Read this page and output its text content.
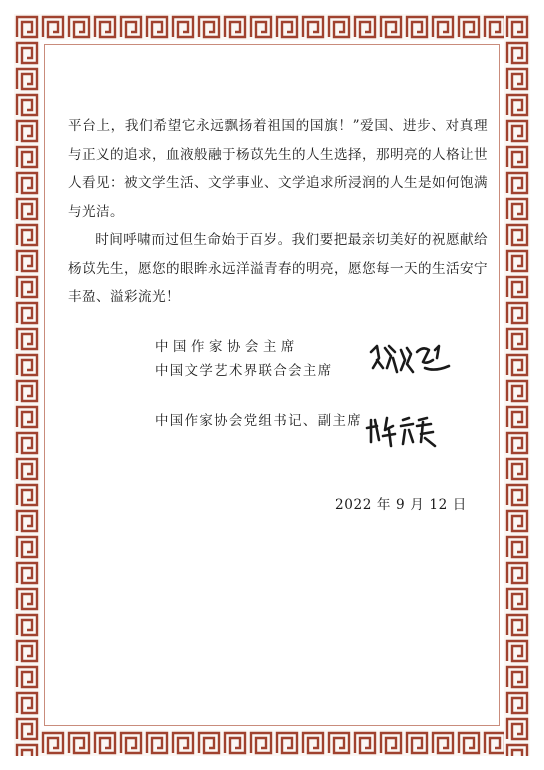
平台上，我们希望它永远飘扬着祖国的国旗！”爱国、进步、对真理与正义的追求，血液般融于杨苡先生的人生选择，那明亮的人格让世人看见：被文学生活、文学事业、文学追求所浸润的人生是如何饱满与光洁。

时间呼啸而过但生命始于百岁。我们要把最亲切美好的祝愿献给杨苡先生，愿您的眼眸永远洋溢青春的明亮，愿您每一天的生活安宁丰盈、溢彩流光！

中国作家协会主席
中国文学艺术界联合会主席
中国作家协会党组书记、副主席
2022 年 9 月 12 日
